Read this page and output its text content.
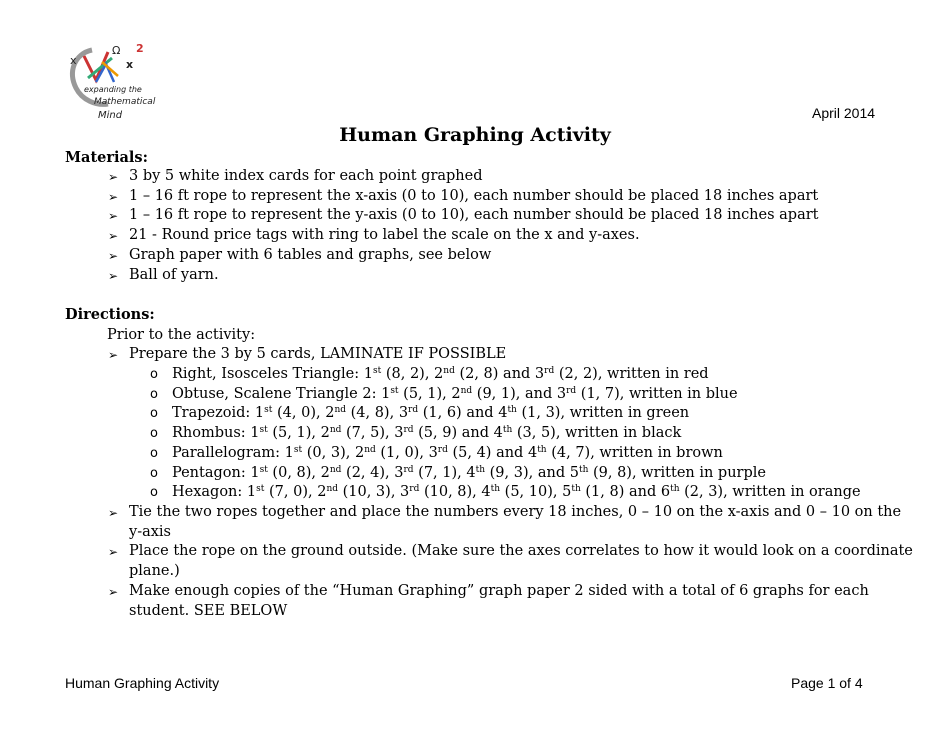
x
Ω 2
x
expanding the
Mathematical
Mind	April 2014
Human Graphing Activity
Materials:
➢ 3 by 5 white index cards for each point graphed
➢ 1 – 16 ft rope to represent the x-axis (0 to 10), each number should be placed 18 inches apart
➢ 1 – 16 ft rope to represent the y-axis (0 to 10), each number should be placed 18 inches apart
➢ 21 - Round price tags with ring to label the scale on the x and y-axes.
➢ Graph paper with 6 tables and graphs, see below
➢ Ball of yarn.
Directions:
Prior to the activity:
➢ Prepare the 3 by 5 cards, LAMINATE IF POSSIBLE
o Right, Isosceles Triangle: 1st (8, 2), 2nd (2, 8) and 3rd (2, 2), written in red
o Obtuse, Scalene Triangle 2: 1st (5, 1), 2nd (9, 1), and 3rd (1, 7), written in blue
o Trapezoid: 1st (4, 0), 2nd (4, 8), 3rd (1, 6) and 4th (1, 3), written in green
o Rhombus: 1st (5, 1), 2nd (7, 5), 3rd (5, 9) and 4th (3, 5), written in black
o Parallelogram: 1st (0, 3), 2nd (1, 0), 3rd (5, 4) and 4th (4, 7), written in brown
o Pentagon: 1st (0, 8), 2nd (2, 4), 3rd (7, 1), 4th (9, 3), and 5th (9, 8), written in purple
o Hexagon: 1st (7, 0), 2nd (10, 3), 3rd (10, 8), 4th (5, 10), 5th (1, 8) and 6th (2, 3), written in orange
➢ Tie the two ropes together and place the numbers every 18 inches, 0 – 10 on the x-axis and 0 – 10 on the
y-axis
➢ Place the rope on the ground outside. (Make sure the axes correlates to how it would look on a coordinate
plane.)
➢ Make enough copies of the “Human Graphing” graph paper 2 sided with a total of 6 graphs for each
student. SEE BELOW
Human Graphing Activity	Page 1 of 4
